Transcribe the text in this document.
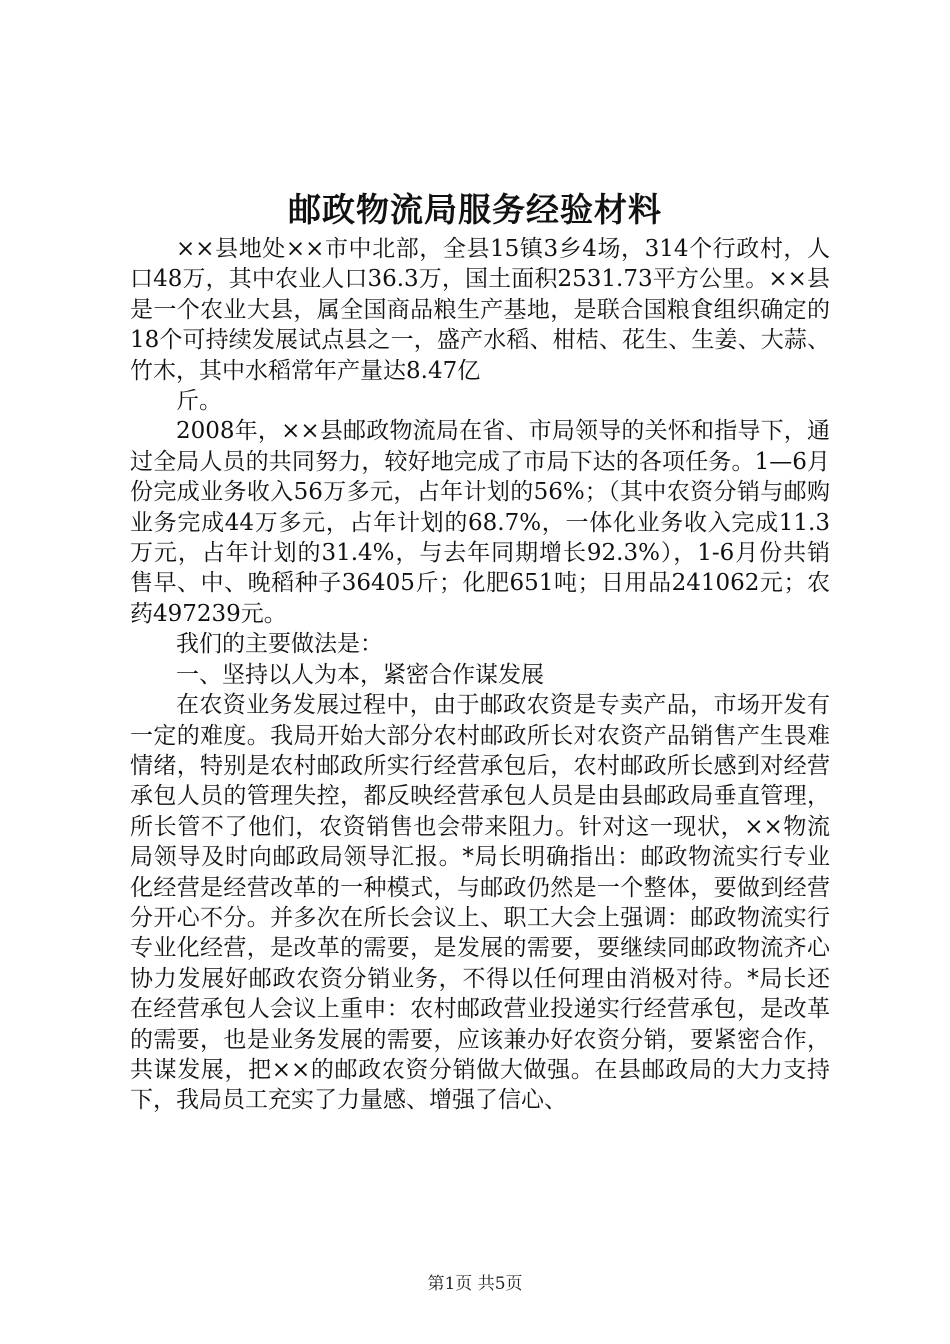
邮政物流局服务经验材料

××县地处××市中北部，全县15镇3乡4场，314个行政村，人口48万，其中农业人口36.3万，国土面积2531.73平方公里。××县是一个农业大县，属全国商品粮生产基地，是联合国粮食组织确定的18个可持续发展试点县之一，盛产水稻、柑桔、花生、生姜、大蒜、竹木，其中水稻常年产量达8.47亿

斤。

2008年，××县邮政物流局在省、市局领导的关怀和指导下，通过全局人员的共同努力，较好地完成了市局下达的各项任务。1—6月份完成业务收入56万多元，占年计划的56%；（其中农资分销与邮购业务完成44万多元，占年计划的68.7%，一体化业务收入完成11.3万元，占年计划的31.4%，与去年同期增长92.3%），1-6月份共销售早、中、晚稻种子36405斤；化肥651吨；日用品241062元；农药497239元。

我们的主要做法是：

一、坚持以人为本，紧密合作谋发展

在农资业务发展过程中，由于邮政农资是专卖产品，市场开发有一定的难度。我局开始大部分农村邮政所长对农资产品销售产生畏难情绪，特别是农村邮政所实行经营承包后，农村邮政所长感到对经营承包人员的管理失控，都反映经营承包人员是由县邮政局垂直管理，所长管不了他们，农资销售也会带来阻力。针对这一现状，××物流局领导及时向邮政局领导汇报。*局长明确指出：邮政物流实行专业化经营是经营改革的一种模式，与邮政仍然是一个整体，要做到经营分开心不分。并多次在所长会议上、职工大会上强调：邮政物流实行专业化经营，是改革的需要，是发展的需要，要继续同邮政物流齐心协力发展好邮政农资分销业务，不得以任何理由消极对待。*局长还在经营承包人会议上重申：农村邮政营业投递实行经营承包，是改革的需要，也是业务发展的需要，应该兼办好农资分销，要紧密合作，共谋发展，把××的邮政农资分销做大做强。在县邮政局的大力支持下，我局员工充实了力量感、增强了信心、

第1页 共5页
